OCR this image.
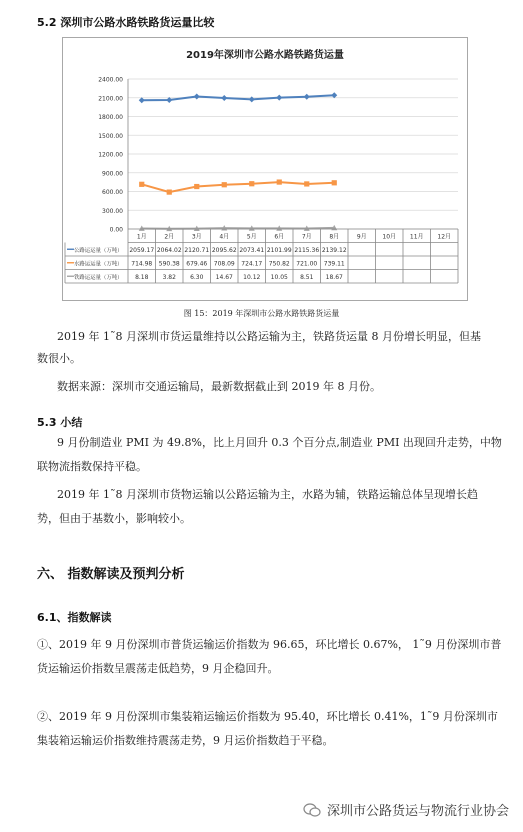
5.2 深圳市公路水路铁路货运量比较
2019年深圳市公路水路铁路货运量
2400.00
2100.00
1800.00
1500.00
1200.00
900.00
600.00
300.00
0.00
1月	2月	3月	4月	5月	6月	7月	8月	9月	10月 11月 12月
公路运运量（万吨） 2059.17 2064.02 2120.71 2095.62 2073.41 2101.99 2115.36 2139.12
水路运运量（万吨） 714.98 590.38 679.46 708.09 724.17 750.82 721.00 739.11
铁路运运量（万吨） 8.18 3.82 6.30 14.67 10.12 10.05 8.51 18.67
图 15：2019 年深圳市公路水路铁路货运量
2019 年 1˜8 月深圳市货运量维持以公路运输为主，铁路货运量 8 月份增长明显，但基
数很小。
数据来源：深圳市交通运输局，最新数据截止到 2019 年 8 月份。
5.3 小结
9 月份制造业 PMI 为 49.8%，比上月回升 0.3 个百分点,制造业 PMI 出现回升走势，中物
联物流指数保持平稳。
2019 年 1˜8 月深圳市货物运输以公路运输为主，水路为辅，铁路运输总体呈现增长趋
势，但由于基数小，影响较小。
六、 指数解读及预判分析
6.1、指数解读
①、2019 年 9 月份深圳市普货运输运价指数为 96.65，环比增长 0.67%， 1˜9 月份深圳市普
货运输运价指数呈震荡走低趋势，9 月企稳回升。
②、2019 年 9 月份深圳市集装箱运输运价指数为 95.40，环比增长 0.41%，1˜9 月份深圳市
集装箱运输运价指数维持震荡走势，9 月运价指数趋于平稳。
深圳市公路货运与物流行业协会
